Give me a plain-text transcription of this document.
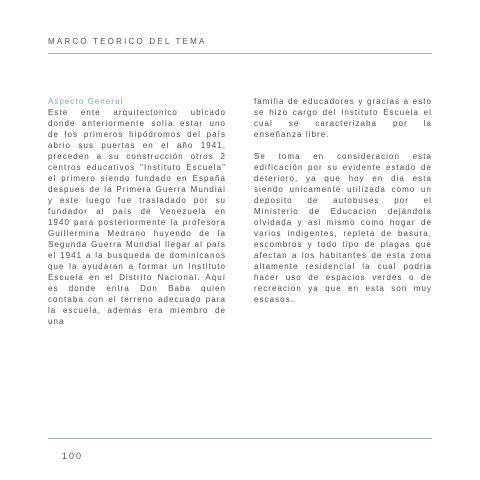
MARCO TEÓRICO DEL TEMA

Aspecto General
Este ente arquitectonico ubicado donde anteriormente solía estar uno de los primeros hipódromos del país abrio sus puertas en el año 1941, preceden a su construcción otros 2 centros educativos "Instituto Escuela" el primero siendo fundado en España despues de la Primera Guerra Mundial y este luego fue trasladado por su fundador al país de Venezuela en 1940 para posteriormente la profesora Guillermina Medrano huyendo de la Segunda Guerra Mundial llegar al país el 1941 a la busqueda de dominicanos que la ayudaran a formar un Instituto Escuela en el Distrito Nacional. Aquí es donde entra Don Baba quien contaba con el terreno adecuado para la escuela, ademas era miembro de una

familia de educadores y gracias a esto se hizo cargo del Instituto Escuela el cual se caracterizaba por la enseñanza libre.

Se toma en consideracion esta edificación por su evidente estado de deterioro, ya que hoy en dia esta siendo unicamente utilizada como un deposito de autobuses por el Ministerio de Educacion dejándola olvidada y asi mismo como hogar de varios indigentes, repleta de basura, escombros y todo tipo de plagas que afectan a los habitantes de esta zona altamente residencial la cual podria hacer uso de espacios verdes o de recreacion ya que en esta son muy escasos.

100
